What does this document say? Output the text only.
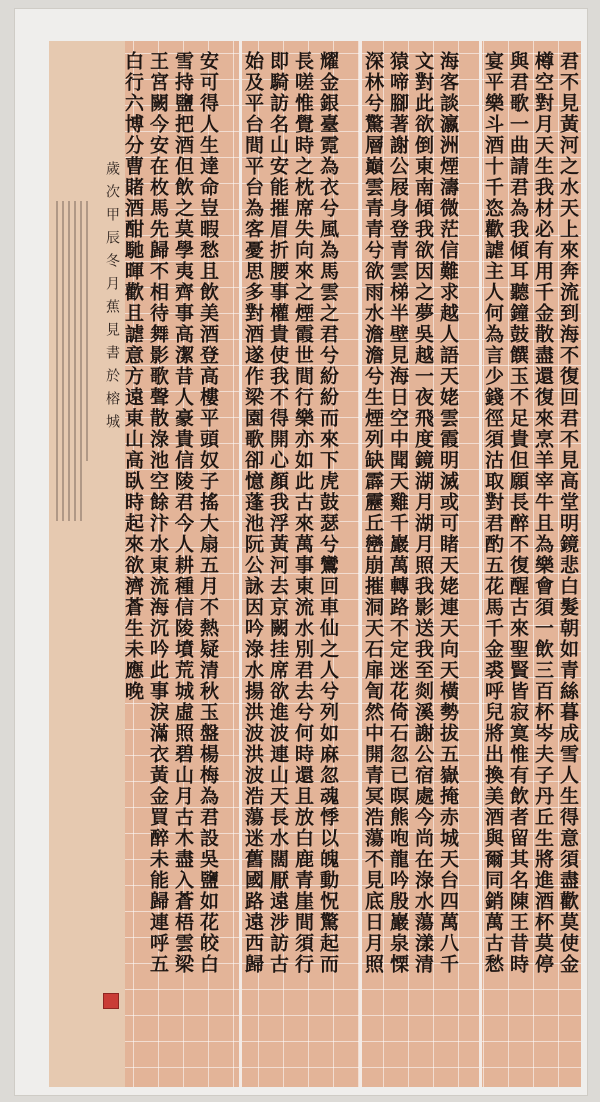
歲次甲辰冬月蕉見書於榕城	君不見黃河之水天上來奔流到海不復回君不見高堂明鏡悲白髮朝如青絲暮成雪人生得意須盡歡莫使金
樽空對月天生我材必有用千金散盡還復來烹羊宰牛且為樂會須一飲三百杯岑夫子丹丘生將進酒杯莫停
與君歌一曲請君為我傾耳聽鐘鼓饌玉不足貴但願長醉不復醒古來聖賢皆寂寞惟有飲者留其名陳王昔時
宴平樂斗酒十千恣歡謔主人何為言少錢徑須沽取對君酌五花馬千金裘呼兒將出換美酒與爾同銷萬古愁
海客談瀛洲煙濤微茫信難求越人語天姥雲霞明滅或可睹天姥連天向天橫勢拔五嶽掩赤城天台四萬八千
文對此欲倒東南傾我欲因之夢吳越一夜飛度鏡湖月湖月照我影送我至剡溪謝公宿處今尚在淥水蕩漾清
猿啼腳著謝公屐身登青雲梯半壁見海日空中聞天雞千巖萬轉路不定迷花倚石忽已暝熊咆龍吟殷巖泉慄
深林兮驚層巔雲青青兮欲雨水澹澹兮生煙列缺霹靂丘巒崩摧洞天石扉訇然中開青冥浩蕩不見底日月照
耀金銀臺霓為衣兮風為馬雲之君兮紛紛而來下虎鼓瑟兮鸞回車仙之人兮列如麻忽魂悸以魄動怳驚起而
長嗟惟覺時之枕席失向來之煙霞世間行樂亦如此古來萬事東流水別君去兮何時還且放白鹿青崖間須行
即騎訪名山安能摧眉折腰事權貴使我不得開心顏我浮黃河去京闕挂席欲進波連山天長水闊厭遠涉訪古
始及平台間平台為客憂思多對酒遂作梁園歌卻憶蓬池阮公詠因吟淥水揚洪波洪波浩蕩迷舊國路遠西歸
安可得人生達命豈暇愁且飲美酒登高樓平頭奴子搖大扇五月不熱疑清秋玉盤楊梅為君設吳鹽如花皎白
雪持鹽把酒但飲之莫學夷齊事高潔昔人豪貴信陵君今人耕種信陵墳荒城虛照碧山月古木盡入蒼梧雲梁
王宮闕今安在枚馬先歸不相待舞影歌聲散淥池空餘汴水東流海沉吟此事淚滿衣黃金買醉未能歸連呼五
白行六博分曹賭酒酣馳暉歡且謔意方遠東山高臥時起來欲濟蒼生未應晚
